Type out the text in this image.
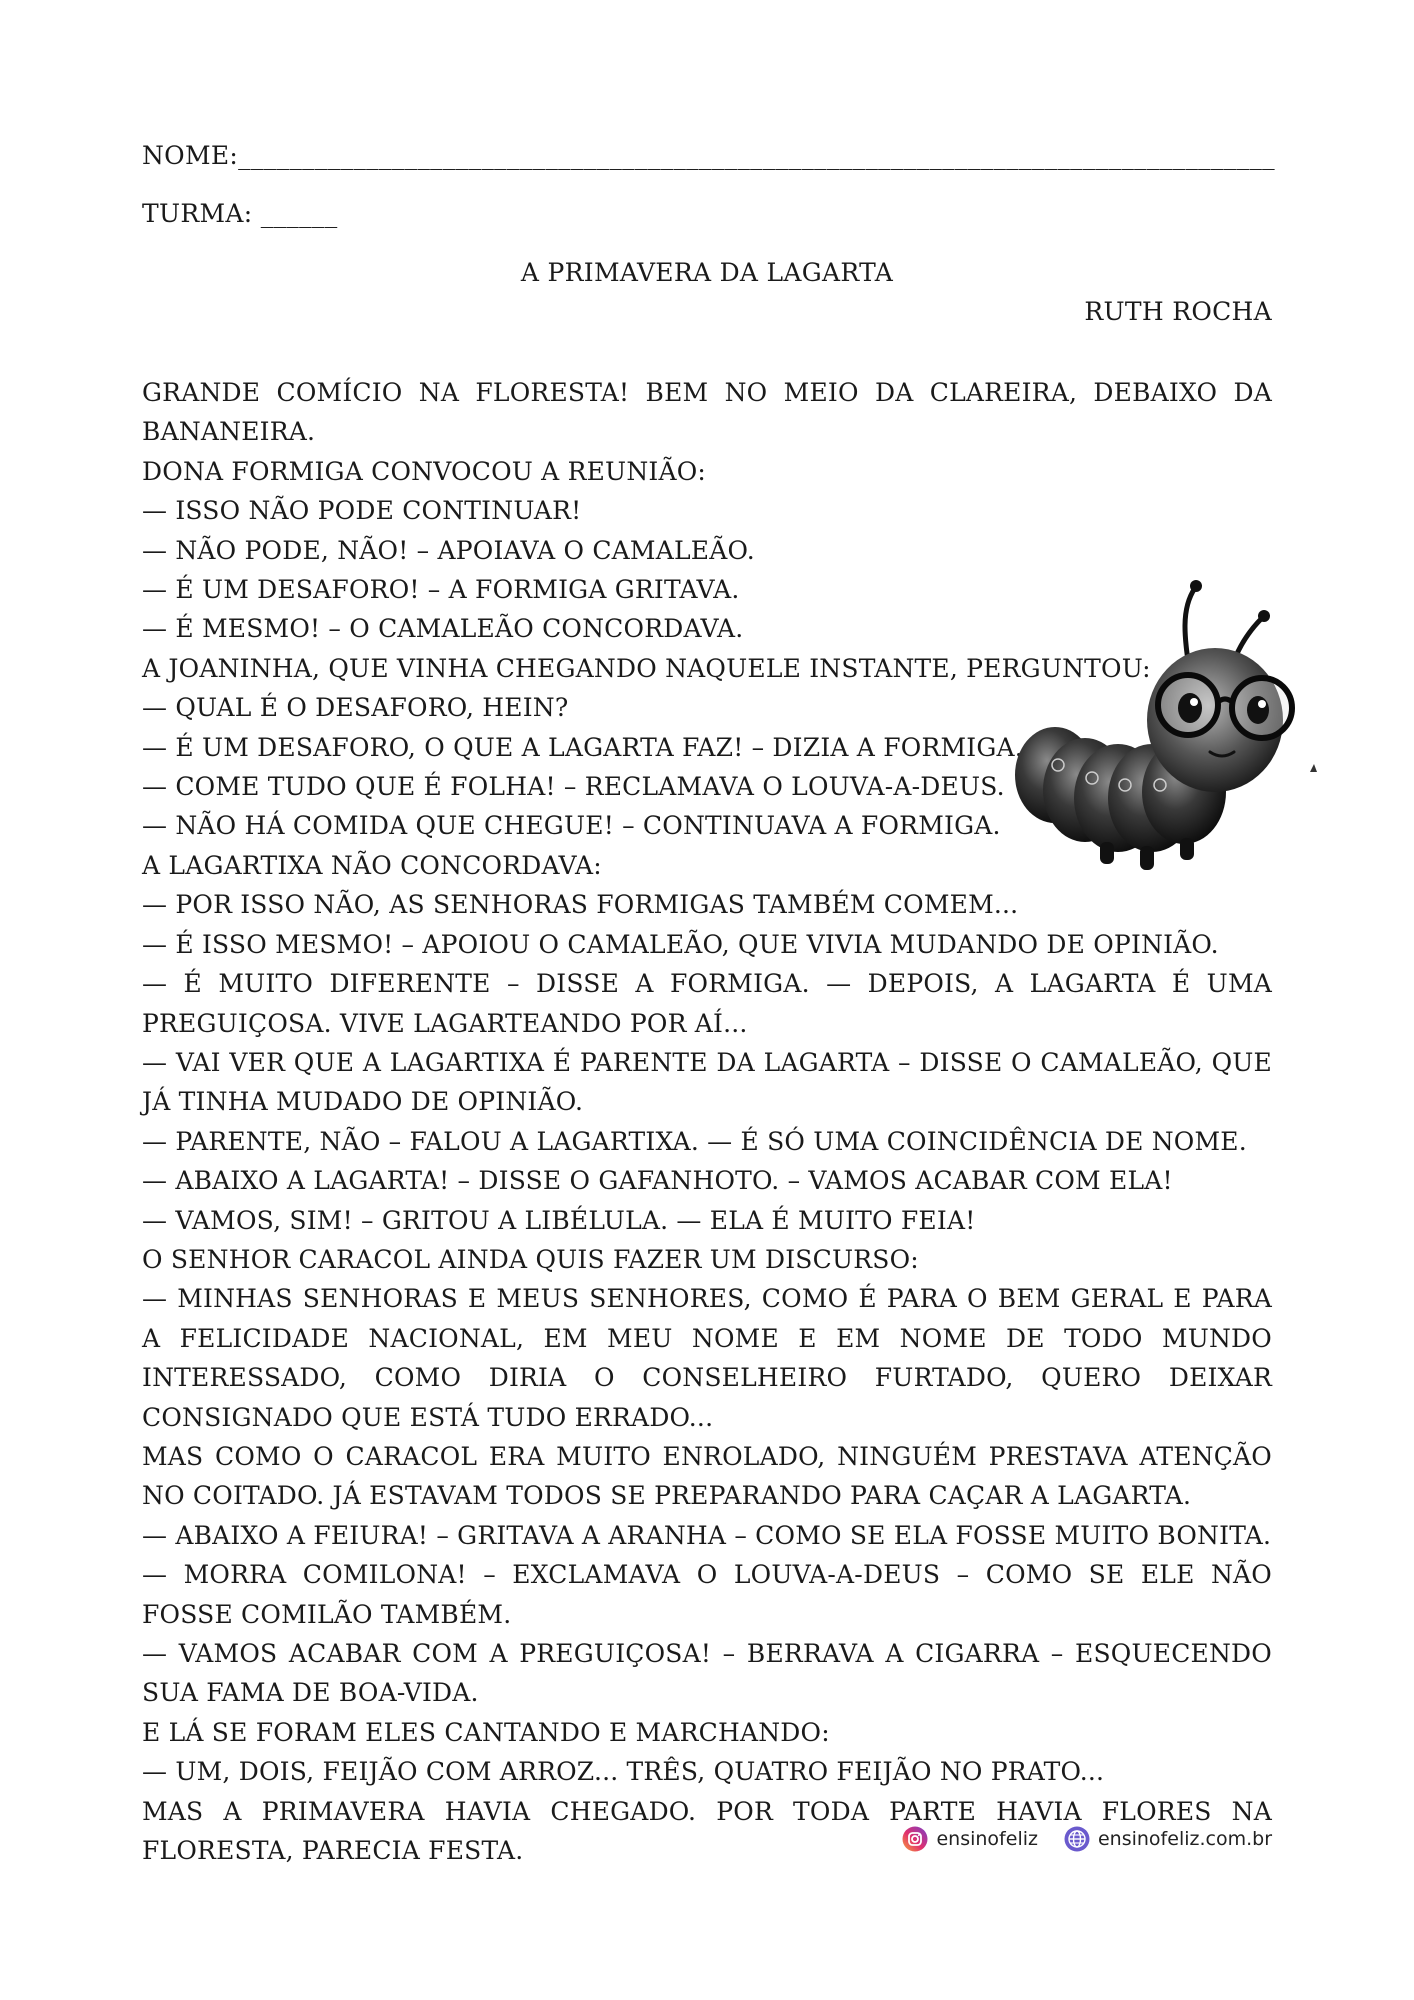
NOME:_________________________________________________________________________________
TURMA: ______
A PRIMAVERA DA LAGARTA
RUTH ROCHA

GRANDE COMÍCIO NA FLORESTA! BEM NO MEIO DA CLAREIRA, DEBAIXO DA BANANEIRA.

DONA FORMIGA CONVOCOU A REUNIÃO:

— ISSO NÃO PODE CONTINUAR!

— NÃO PODE, NÃO! – APOIAVA O CAMALEÃO.

— É UM DESAFORO! – A FORMIGA GRITAVA.

— É MESMO! – O CAMALEÃO CONCORDAVA.

A JOANINHA, QUE VINHA CHEGANDO NAQUELE INSTANTE, PERGUNTOU:

— QUAL É O DESAFORO, HEIN?

— É UM DESAFORO, O QUE A LAGARTA FAZ! – DIZIA A FORMIGA.

— COME TUDO QUE É FOLHA! – RECLAMAVA O LOUVA-A-DEUS.

— NÃO HÁ COMIDA QUE CHEGUE! – CONTINUAVA A FORMIGA.

A LAGARTIXA NÃO CONCORDAVA:

— POR ISSO NÃO, AS SENHORAS FORMIGAS TAMBÉM COMEM...

— É ISSO MESMO! – APOIOU O CAMALEÃO, QUE VIVIA MUDANDO DE OPINIÃO.

— É MUITO DIFERENTE – DISSE A FORMIGA. — DEPOIS, A LAGARTA É UMA PREGUIÇOSA. VIVE LAGARTEANDO POR AÍ...

— VAI VER QUE A LAGARTIXA É PARENTE DA LAGARTA – DISSE O CAMALEÃO, QUE JÁ TINHA MUDADO DE OPINIÃO.

— PARENTE, NÃO – FALOU A LAGARTIXA. — É SÓ UMA COINCIDÊNCIA DE NOME.

— ABAIXO A LAGARTA! – DISSE O GAFANHOTO. – VAMOS ACABAR COM ELA!

— VAMOS, SIM! – GRITOU A LIBÉLULA. — ELA É MUITO FEIA!

O SENHOR CARACOL AINDA QUIS FAZER UM DISCURSO:

— MINHAS SENHORAS E MEUS SENHORES, COMO É PARA O BEM GERAL E PARA A FELICIDADE NACIONAL, EM MEU NOME E EM NOME DE TODO MUNDO INTERESSADO, COMO DIRIA O CONSELHEIRO FURTADO, QUERO DEIXAR CONSIGNADO QUE ESTÁ TUDO ERRADO...

MAS COMO O CARACOL ERA MUITO ENROLADO, NINGUÉM PRESTAVA ATENÇÃO NO COITADO. JÁ ESTAVAM TODOS SE PREPARANDO PARA CAÇAR A LAGARTA.

— ABAIXO A FEIURA! – GRITAVA A ARANHA – COMO SE ELA FOSSE MUITO BONITA.

— MORRA COMILONA! – EXCLAMAVA O LOUVA-A-DEUS – COMO SE ELE NÃO FOSSE COMILÃO TAMBÉM.

— VAMOS ACABAR COM A PREGUIÇOSA! – BERRAVA A CIGARRA – ESQUECENDO SUA FAMA DE BOA-VIDA.

E LÁ SE FORAM ELES CANTANDO E MARCHANDO:

— UM, DOIS, FEIJÃO COM ARROZ... TRÊS, QUATRO FEIJÃO NO PRATO...

MAS A PRIMAVERA HAVIA CHEGADO. POR TODA PARTE HAVIA FLORES NA FLORESTA, PARECIA FESTA.	ensinofeliz	ensinofeliz.com.br
